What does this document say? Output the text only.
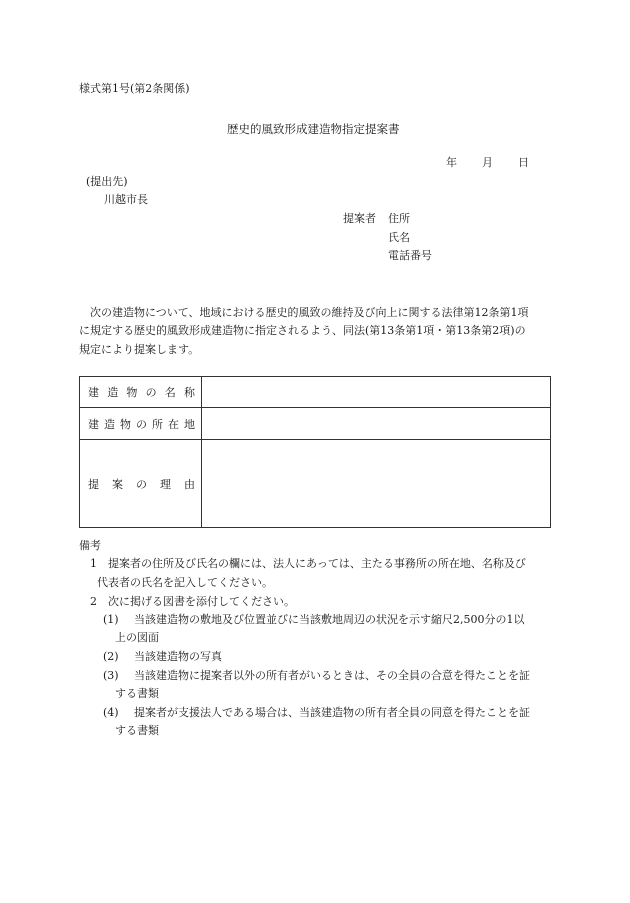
様式第1号(第2条関係)
歴史的風致形成建造物指定提案書
年 月 日
(提出先)
川越市長
提案者 住所
氏名
電話番号
次の建造物について、地域における歴史的風致の維持及び向上に関する法律第12条第1項
に規定する歴史的風致形成建造物に指定されるよう、同法(第13条第1項・第13条第2項)の
規定により提案します。
建 造 物 の 名 称
建 造 物 の 所 在 地
提 案 の 理 由
備考
1 提案者の住所及び氏名の欄には、法人にあっては、主たる事務所の所在地、名称及び
代表者の氏名を記入してください。
2 次に掲げる図書を添付してください。
(1) 当該建造物の敷地及び位置並びに当該敷地周辺の状況を示す縮尺2,500分の1以
上の図面
(2) 当該建造物の写真
(3) 当該建造物に提案者以外の所有者がいるときは、その全員の合意を得たことを証
する書類
(4) 提案者が支援法人である場合は、当該建造物の所有者全員の同意を得たことを証
する書類
